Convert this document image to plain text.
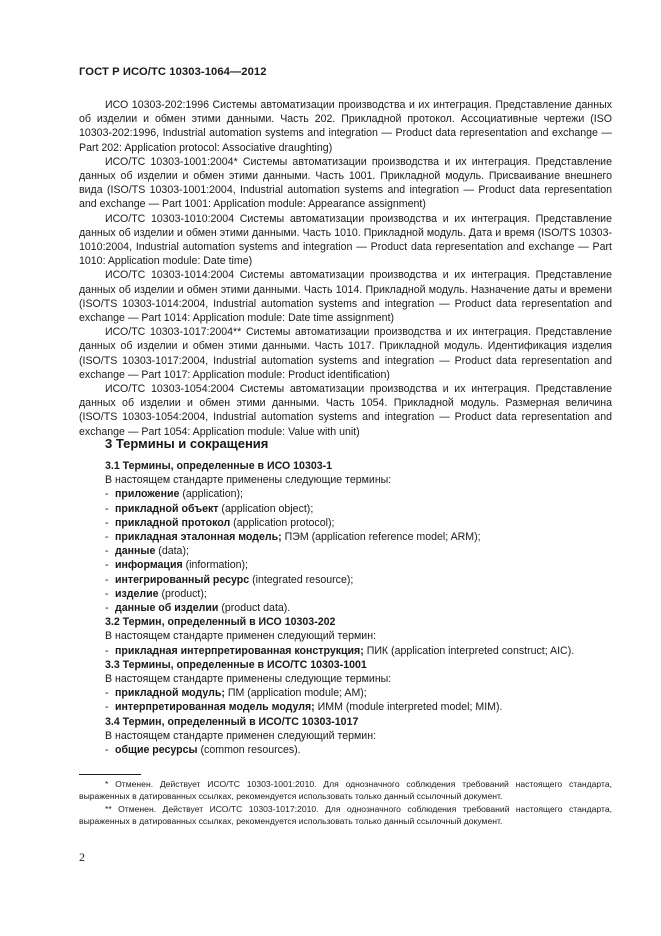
ГОСТ Р ИСО/ТС 10303-1064—2012

ИСО 10303-202:1996 Системы автоматизации производства и их интеграция. Представление данных об изделии и обмен этими данными. Часть 202. Прикладной протокол. Ассоциативные чертежи (ISO 10303-202:1996, Industrial automation systems and integration — Product data representation and exchange — Part 202: Application protocol: Associative draughting)

ИСО/ТС 10303-1001:2004* Системы автоматизации производства и их интеграция. Представление данных об изделии и обмен этими данными. Часть 1001. Прикладной модуль. Присваивание внешнего вида (ISO/TS 10303-1001:2004, Industrial automation systems and integration — Product data representation and exchange — Part 1001: Application module: Appearance assignment)

ИСО/ТС 10303-1010:2004 Системы автоматизации производства и их интеграция. Представление данных об изделии и обмен этими данными. Часть 1010. Прикладной модуль. Дата и время (ISO/TS 10303-1010:2004, Industrial automation systems and integration — Product data representation and exchange — Part 1010: Application module: Date time)

ИСО/ТС 10303-1014:2004 Системы автоматизации производства и их интеграция. Представление данных об изделии и обмен этими данными. Часть 1014. Прикладной модуль. Назначение даты и времени (ISO/TS 10303-1014:2004, Industrial automation systems and integration — Product data representation and exchange — Part 1014: Application module: Date time assignment)

ИСО/ТС 10303-1017:2004** Системы автоматизации производства и их интеграция. Представление данных об изделии и обмен этими данными. Часть 1017. Прикладной модуль. Идентификация изделия (ISO/TS 10303-1017:2004, Industrial automation systems and integration — Product data representation and exchange — Part 1017: Application module: Product identification)

ИСО/ТС 10303-1054:2004 Системы автоматизации производства и их интеграция. Представление данных об изделии и обмен этими данными. Часть 1054. Прикладной модуль. Размерная величина (ISO/TS 10303-1054:2004, Industrial automation systems and integration — Product data representation and exchange — Part 1054: Application module: Value with unit)

3 Термины и сокращения

3.1 Термины, определенные в ИСО 10303-1

В настоящем стандарте применены следующие термины:

- приложение (application);
- прикладной объект (application object);
- прикладной протокол (application protocol);
- прикладная эталонная модель; ПЭМ (application reference model; ARM);
- данные (data);
- информация (information);
- интегрированный ресурс (integrated resource);
- изделие (product);
- данные об изделии (product data).

3.2 Термин, определенный в ИСО 10303-202

В настоящем стандарте применен следующий термин:

- прикладная интерпретированная конструкция; ПИК (application interpreted construct; AIC).

3.3 Термины, определенные в ИСО/ТС 10303-1001

В настоящем стандарте применены следующие термины:

- прикладной модуль; ПМ (application module; AM);
- интерпретированная модель модуля; ИММ (module interpreted model; MIM).

3.4 Термин, определенный в ИСО/ТС 10303-1017

В настоящем стандарте применен следующий термин:

- общие ресурсы (common resources).

* Отменен. Действует ИСО/ТС 10303-1001:2010. Для однозначного соблюдения требований настоящего стандарта, выраженных в датированных ссылках, рекомендуется использовать только данный ссылочный документ.

** Отменен. Действует ИСО/ТС 10303-1017:2010. Для однозначного соблюдения требований настоящего стандарта, выраженных в датированных ссылках, рекомендуется использовать только данный ссылочный документ.

2
